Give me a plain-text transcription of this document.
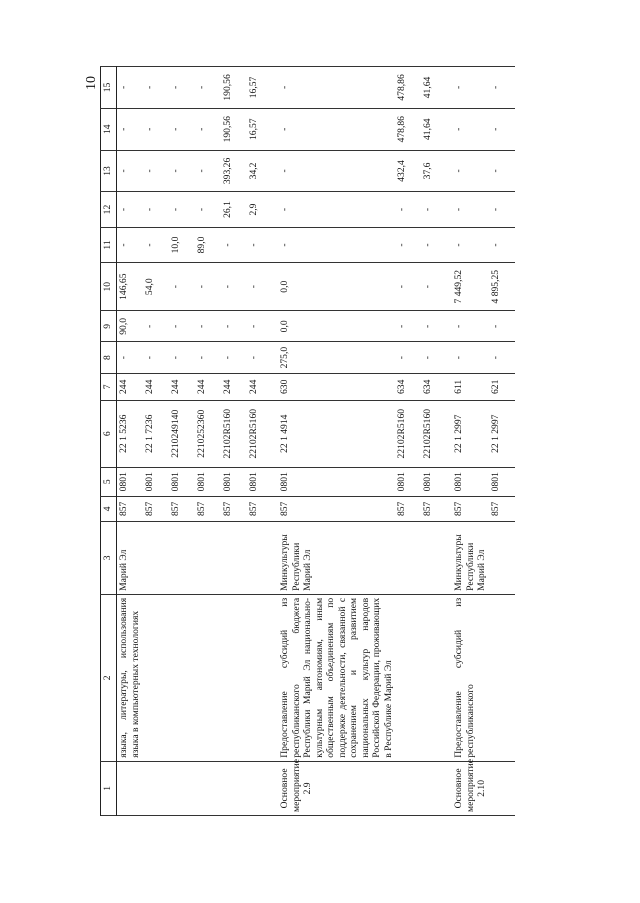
10
1	2	3	4	5	6	7	8	9	10	11	12	13	14	15
	языка, литературы, использования языка в компьютерных технологиях	Марий Эл	857	0801	22 1 5236	244	-	90,0	146,65	-	-	-	-	-
			857	0801	22 1 7236	244	-	-	54,0	-	-	-	-	-
			857	0801	2210249140	244	-	-	-	10,0	-	-	-	-
			857	0801	2210252360	244	-	-	-	89,0	-	-	-	-
			857	0801	22102R5160	244	-	-	-	-	26,1	393,26	190,56	190,56
			857	0801	22102R5160	244	-	-	-	-	2,9	34,2	16,57	16,57
Основное мероприятие 2.9	Предоставление субсидий из республиканского бюджета Республики Марий Эл национально-культурным автономиям, иным общественным объединениям по поддержке деятельности, связанной с сохранением и развитием национальных культур народов Российской Федерации, проживающих в Республике Марий Эл	Минкультуры Республики Марий Эл	857	0801	22 1 4914	630	275,0	0,0	0,0	-	-	-	-	-
			857	0801	22102R5160	634	-	-	-	-	-	432,4	478,86	478,86
			857	0801	22102R5160	634	-	-	-	-	-	37,6	41,64	41,64
Основное мероприятие 2.10	Предоставление субсидий из республиканского	Минкультуры Республики Марий Эл	857	0801	22 1 2997	611	-	-	7 449,52	-	-	-	-	-
			857	0801	22 1 2997	621	-	-	4 895,25	-	-	-	-	-
